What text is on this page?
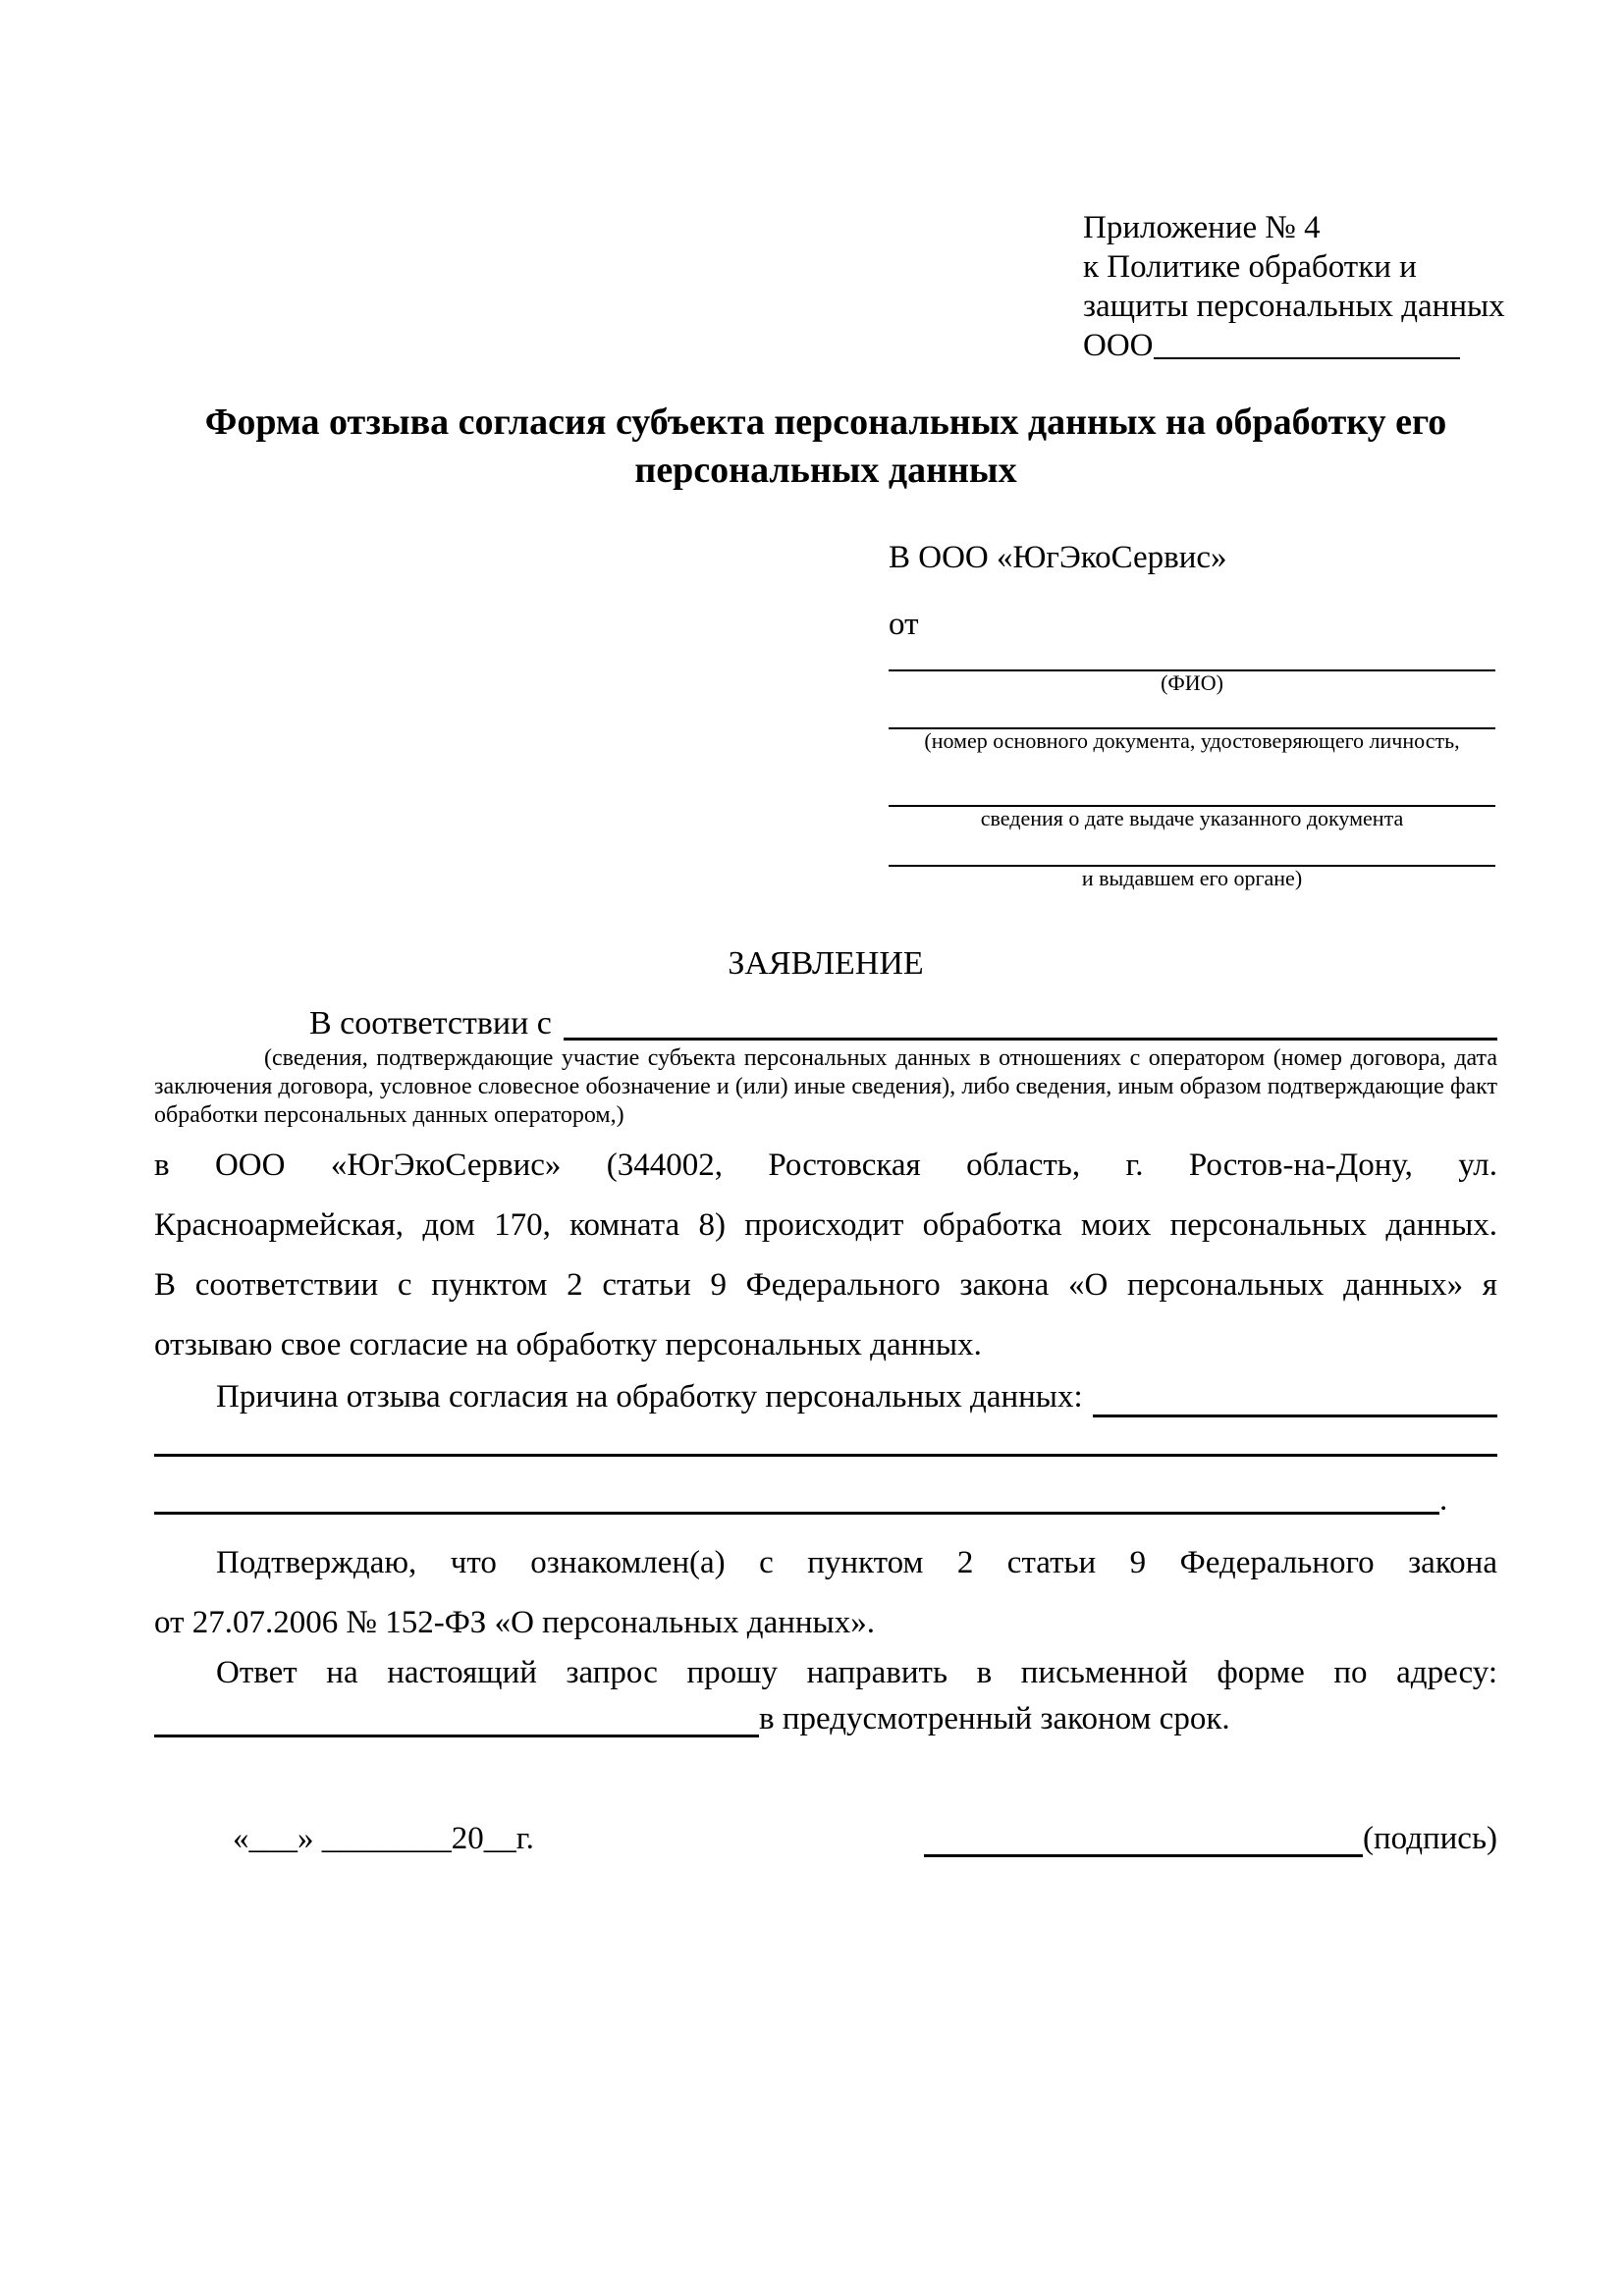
Приложение № 4
к Политике обработки и
защиты персональных данных
ООО
Форма отзыва согласия субъекта персональных данных на обработку его персональных данных
В ООО «ЮгЭкоСервис»
от
(ФИО)
(номер основного документа, удостоверяющего личность,
сведения о дате выдаче указанного документа
и выдавшем его органе)
ЗАЯВЛЕНИЕ
В соответствии с
(сведения, подтверждающие участие субъекта персональных данных в отношениях с оператором (номер договора, дата
заключения договора, условное словесное обозначение и (или) иные сведения), либо сведения, иным образом подтверждающие факт
обработки персональных данных оператором,)
в ООО «ЮгЭкоСервис» (344002, Ростовская область, г. Ростов-на-Дону, ул.
Красноармейская, дом 170, комната 8) происходит обработка моих персональных данных.
В соответствии с пунктом 2 статьи 9 Федерального закона «О персональных данных» я
отзываю свое согласие на обработку персональных данных.
Причина отзыва согласия на обработку персональных данных:
.
Подтверждаю, что ознакомлен(а) с пунктом 2 статьи 9 Федерального закона
от 27.07.2006 № 152-ФЗ «О персональных данных».
Ответ на настоящий запрос прошу направить в письменной форме по адресу:
в предусмотренный законом срок.
«___» ________20__г.	(подпись)
